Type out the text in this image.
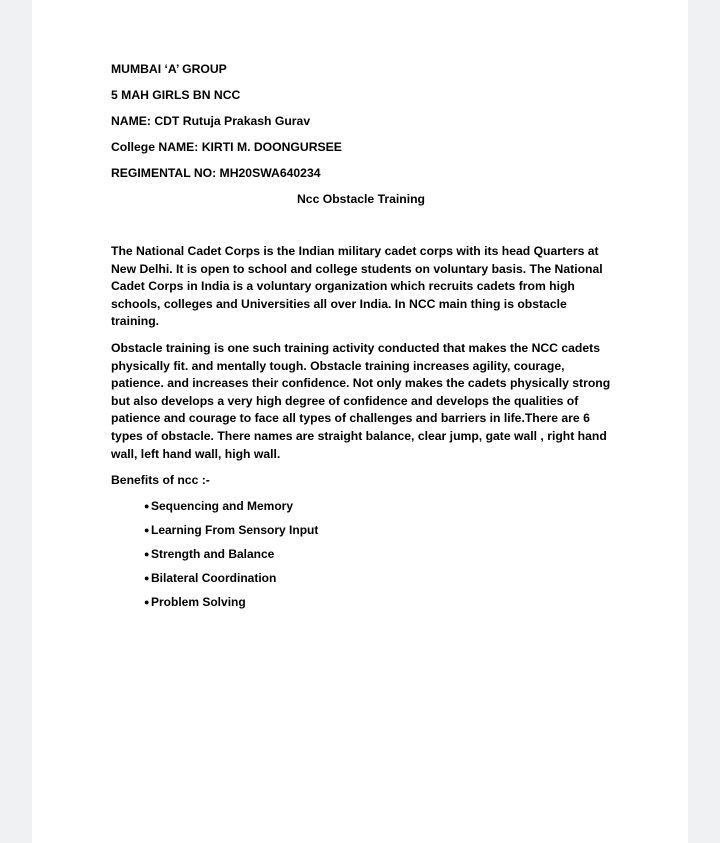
MUMBAI ‘A’ GROUP

5 MAH GIRLS BN NCC

NAME: CDT Rutuja Prakash Gurav

College NAME: KIRTI M. DOONGURSEE

REGIMENTAL NO: MH20SWA640234

Ncc Obstacle Training

The National Cadet Corps is the Indian military cadet corps with its head Quarters at New Delhi. It is open to school and college students on voluntary basis. The National Cadet Corps in India is a voluntary organization which recruits cadets from high schools, colleges and Universities all over India. In NCC main thing is obstacle training.

Obstacle training is one such training activity conducted that makes the NCC cadets physically fit. and mentally tough. Obstacle training increases agility, courage, patience. and increases their confidence. Not only makes the cadets physically strong but also develops a very high degree of confidence and develops the qualities of patience and courage to face all types of challenges and barriers in life.There are 6 types of obstacle. There names are straight balance, clear jump, gate wall , right hand wall, left hand wall, high wall.

Benefits of ncc :-

● Sequencing and Memory
● Learning From Sensory Input
● Strength and Balance
● Bilateral Coordination
● Problem Solving
